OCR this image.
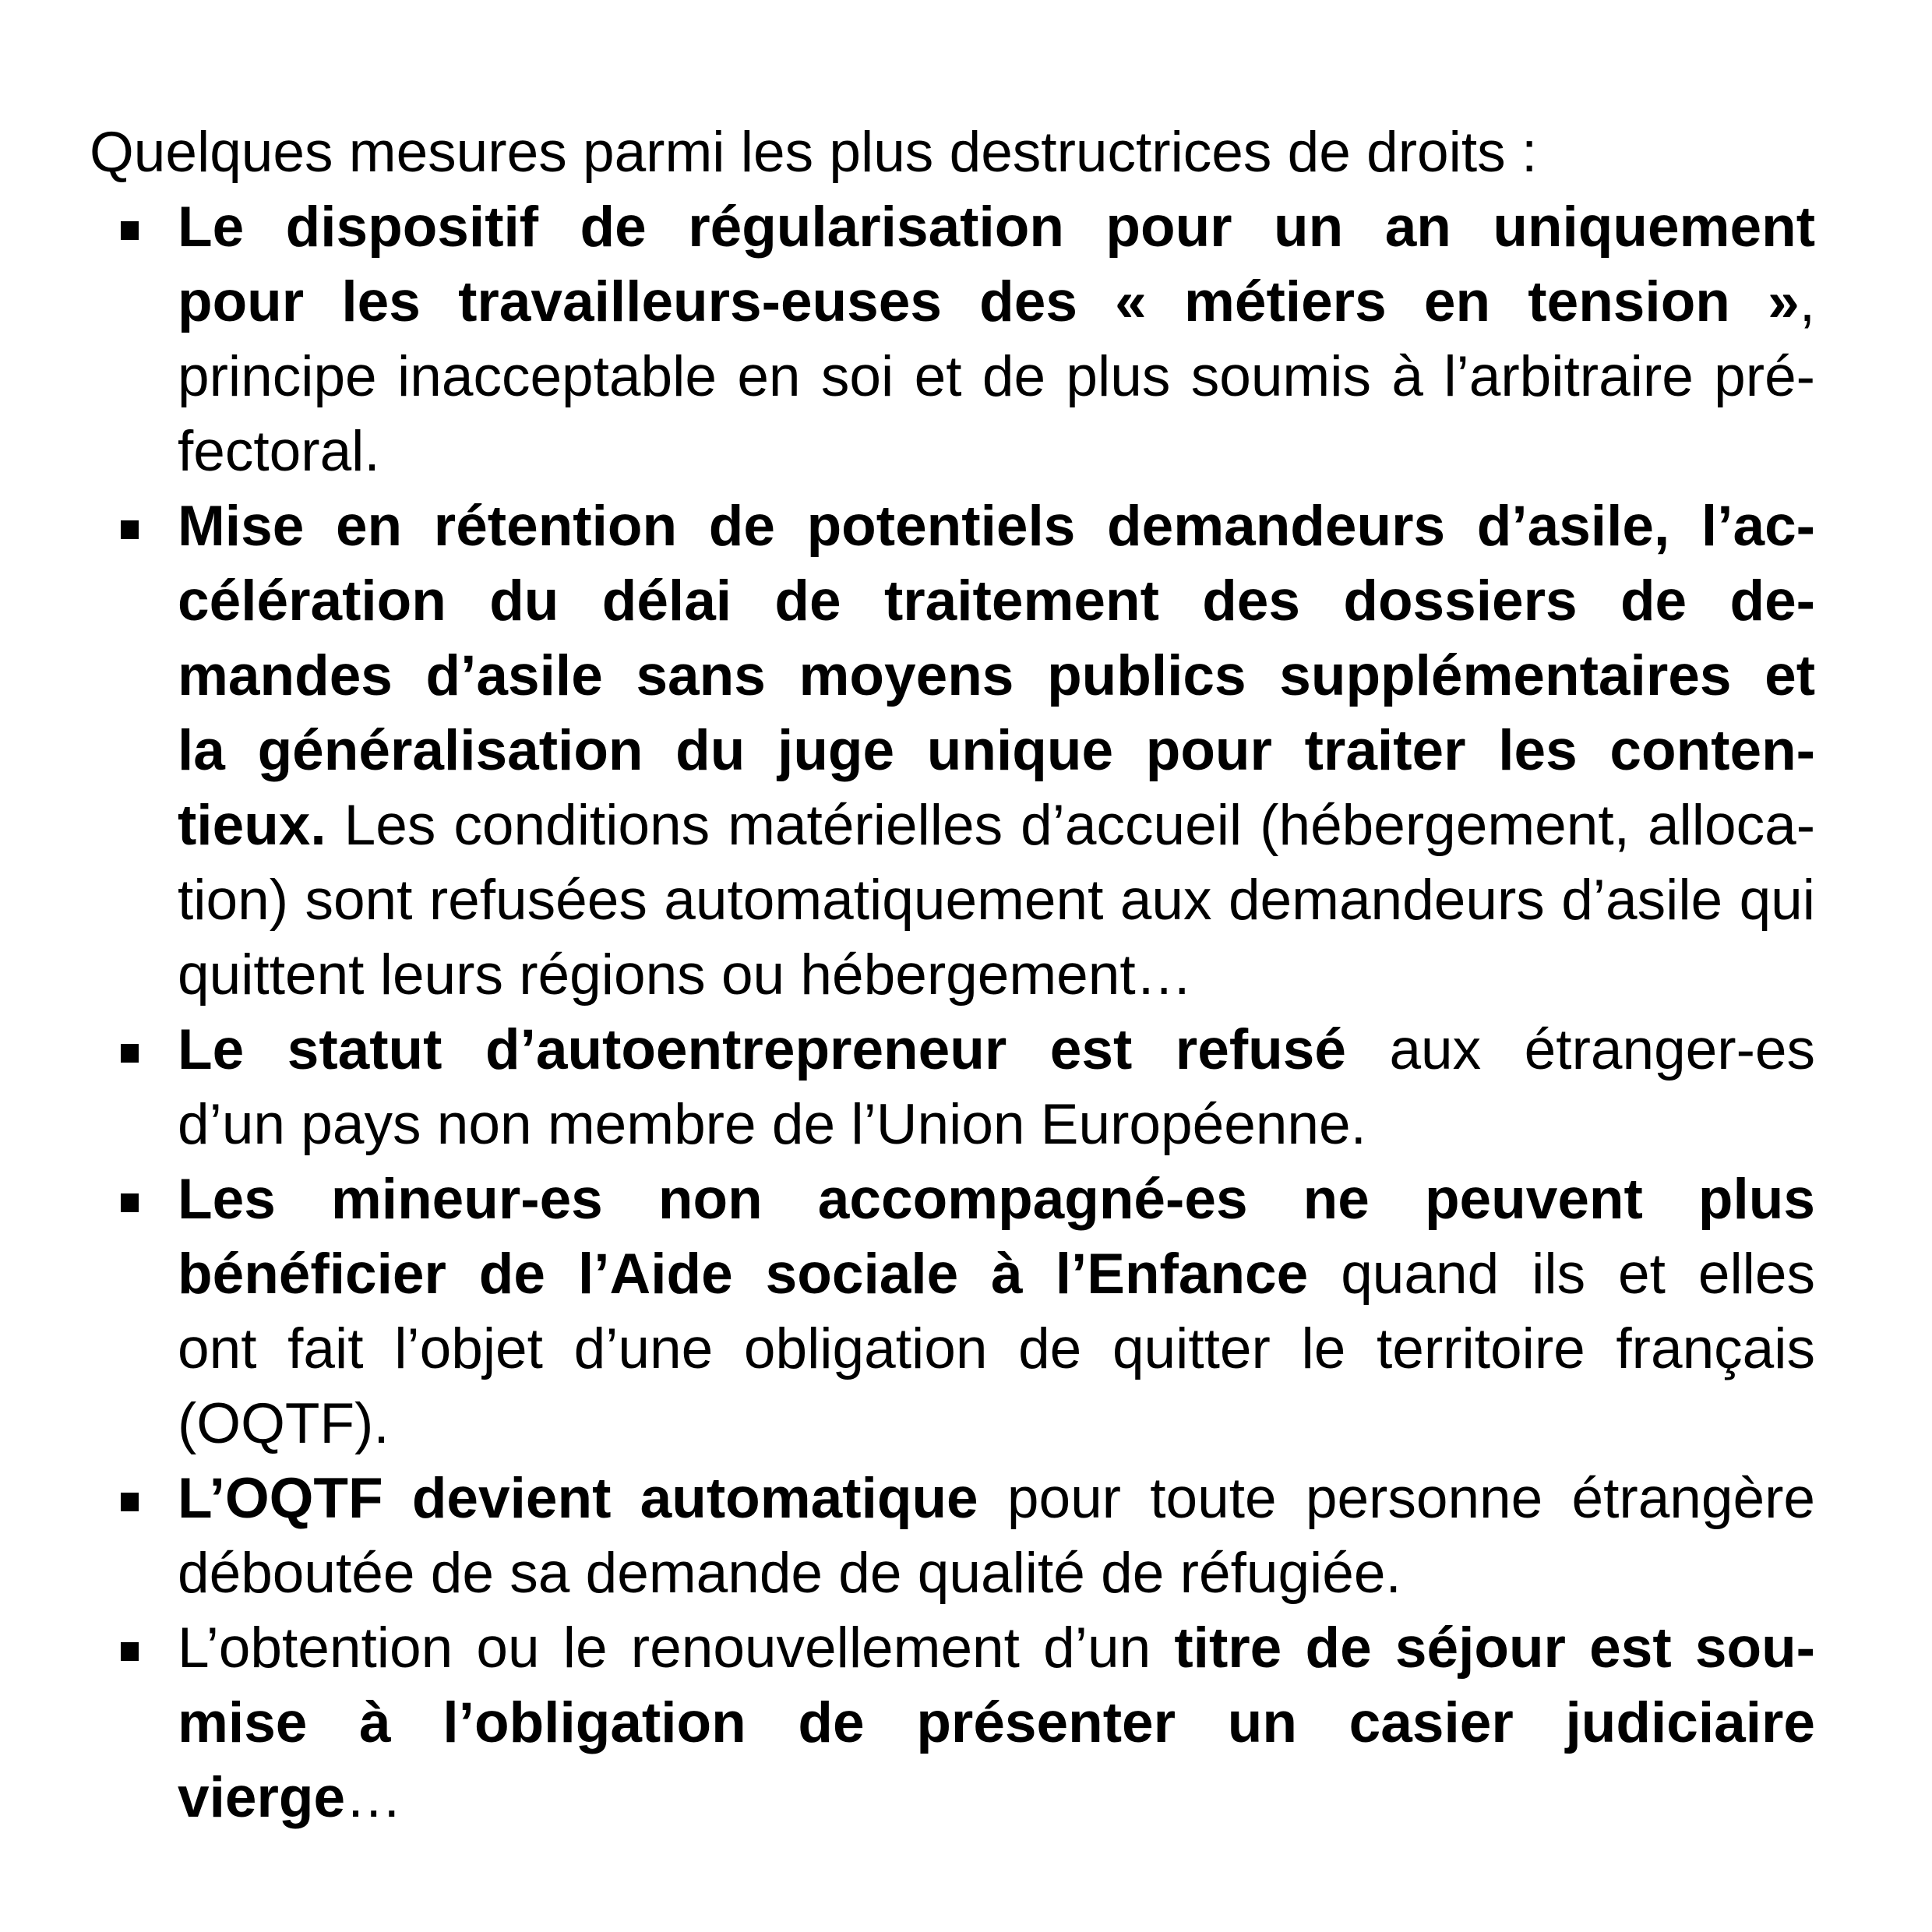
Quelques mesures parmi les plus destructrices de droits :
Le dispositif de régularisation pour un an uniquement
pour les travailleurs-euses des « métiers en tension »,
principe inacceptable en soi et de plus soumis à l’arbitraire pré-
fectoral.
Mise en rétention de potentiels demandeurs d’asile, l’ac-
célération du délai de traitement des dossiers de de-
mandes d’asile sans moyens publics supplémentaires et
la généralisation du juge unique pour traiter les conten-
tieux. Les conditions matérielles d’accueil (hébergement, alloca-
tion) sont refusées automatiquement aux demandeurs d’asile qui
quittent leurs régions ou hébergement…
Le statut d’autoentrepreneur est refusé aux étranger-es
d’un pays non membre de l’Union Européenne.
Les mineur-es non accompagné-es ne peuvent plus
bénéficier de l’Aide sociale à l’Enfance quand ils et elles
ont fait l’objet d’une obligation de quitter le territoire français
(OQTF).
L’OQTF devient automatique pour toute personne étrangère
déboutée de sa demande de qualité de réfugiée.
L’obtention ou le renouvellement d’un titre de séjour est sou-
mise à l’obligation de présenter un casier judiciaire
vierge…
